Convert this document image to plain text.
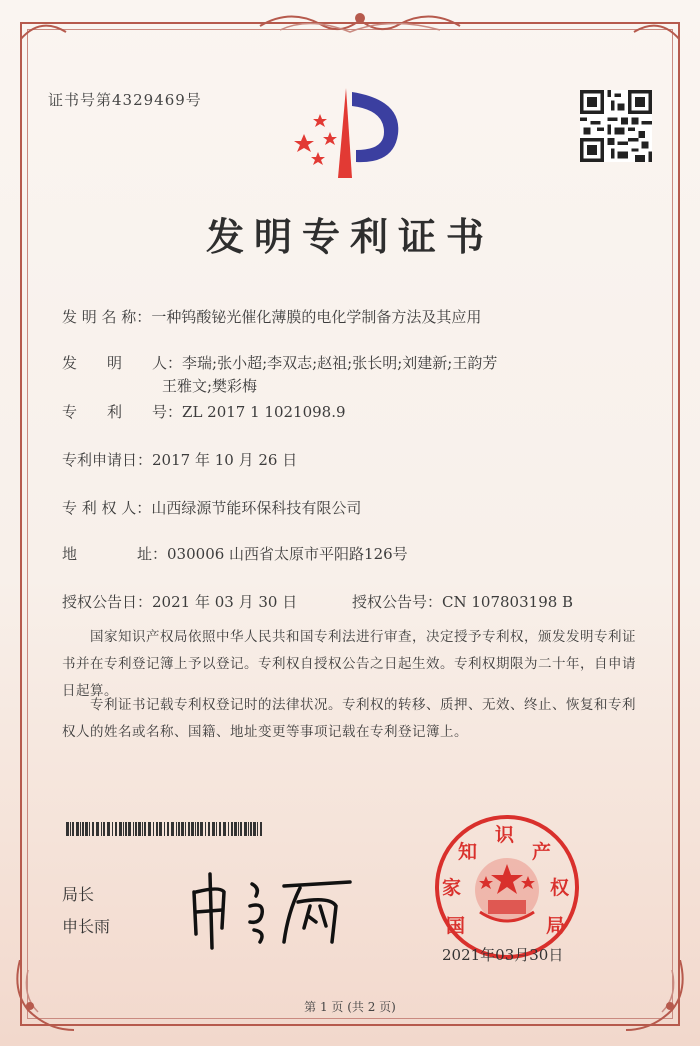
证书号第4329469号
发明专利证书
发 明 名 称：一种钨酸铋光催化薄膜的电化学制备方法及其应用
发　　明　　人：李瑞;张小超;李双志;赵祖;张长明;刘建新;王韵芳
王雅文;樊彩梅
专　　利　　号：ZL 2017 1 1021098.9
专利申请日：2017 年 10 月 26 日
专 利 权 人：山西绿源节能环保科技有限公司
地　　　　址：030006 山西省太原市平阳路126号
授权公告日：2021 年 03 月 30 日	授权公告号：CN 107803198 B
国家知识产权局依照中华人民共和国专利法进行审查，决定授予专利权，颁发发明专利证书并在专利登记簿上予以登记。专利权自授权公告之日起生效。专利权期限为二十年，自申请日起算。
专利证书记载专利权登记时的法律状况。专利权的转移、质押、无效、终止、恢复和专利权人的姓名或名称、国籍、地址变更等事项记载在专利登记簿上。
局长
申长雨	国
家
知
识
产
权
局
2021年03月30日
第 1 页 (共 2 页)
